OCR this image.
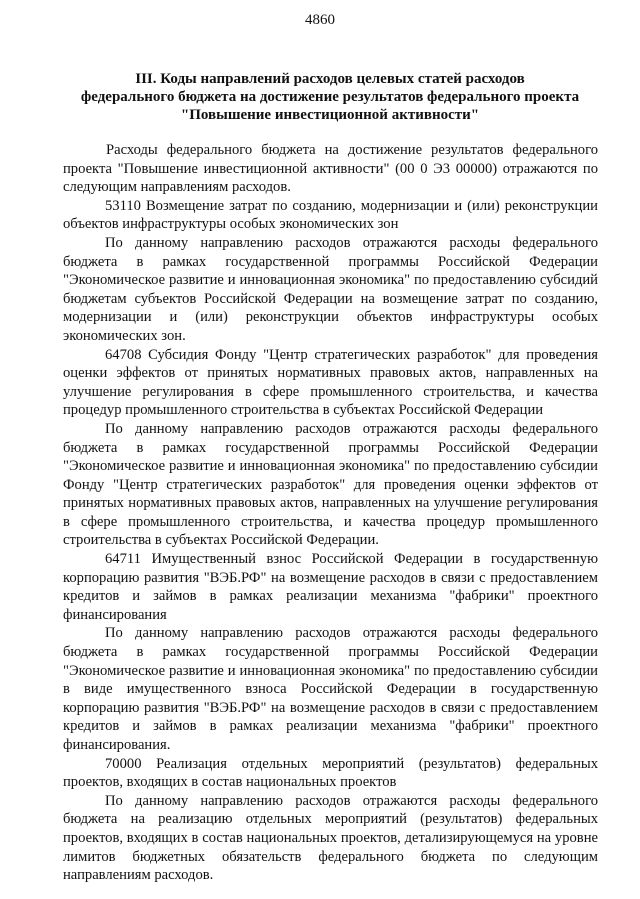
4860
III. Коды направлений расходов целевых статей расходов
федерального бюджета на достижение результатов федерального проекта
"Повышение инвестиционной активности"

Расходы федерального бюджета на достижение результатов федерального проекта "Повышение инвестиционной активности" (00 0 Э3 00000) отражаются по следующим направлениям расходов.

53110 Возмещение затрат по созданию, модернизации и (или) реконструкции объектов инфраструктуры особых экономических зон

По данному направлению расходов отражаются расходы федерального бюджета в рамках государственной программы Российской Федерации "Экономическое развитие и инновационная экономика" по предоставлению субсидий бюджетам субъектов Российской Федерации на возмещение затрат по созданию, модернизации и (или) реконструкции объектов инфраструктуры особых экономических зон.

64708 Субсидия Фонду "Центр стратегических разработок" для проведения оценки эффектов от принятых нормативных правовых актов, направленных на улучшение регулирования в сфере промышленного строительства, и качества процедур промышленного строительства в субъектах Российской Федерации

По данному направлению расходов отражаются расходы федерального бюджета в рамках государственной программы Российской Федерации "Экономическое развитие и инновационная экономика" по предоставлению субсидии Фонду "Центр стратегических разработок" для проведения оценки эффектов от принятых нормативных правовых актов, направленных на улучшение регулирования в сфере промышленного строительства, и качества процедур промышленного строительства в субъектах Российской Федерации.

64711 Имущественный взнос Российской Федерации в государственную корпорацию развития "ВЭБ.РФ" на возмещение расходов в связи с предоставлением кредитов и займов в рамках реализации механизма "фабрики" проектного финансирования

По данному направлению расходов отражаются расходы федерального бюджета в рамках государственной программы Российской Федерации "Экономическое развитие и инновационная экономика" по предоставлению субсидии в виде имущественного взноса Российской Федерации в государственную корпорацию развития "ВЭБ.РФ" на возмещение расходов в связи с предоставлением кредитов и займов в рамках реализации механизма "фабрики" проектного финансирования.

70000 Реализация отдельных мероприятий (результатов) федеральных проектов, входящих в состав национальных проектов

По данному направлению расходов отражаются расходы федерального бюджета на реализацию отдельных мероприятий (результатов) федеральных проектов, входящих в состав национальных проектов, детализирующемуся на уровне лимитов бюджетных обязательств федерального бюджета по следующим направлениям расходов.
